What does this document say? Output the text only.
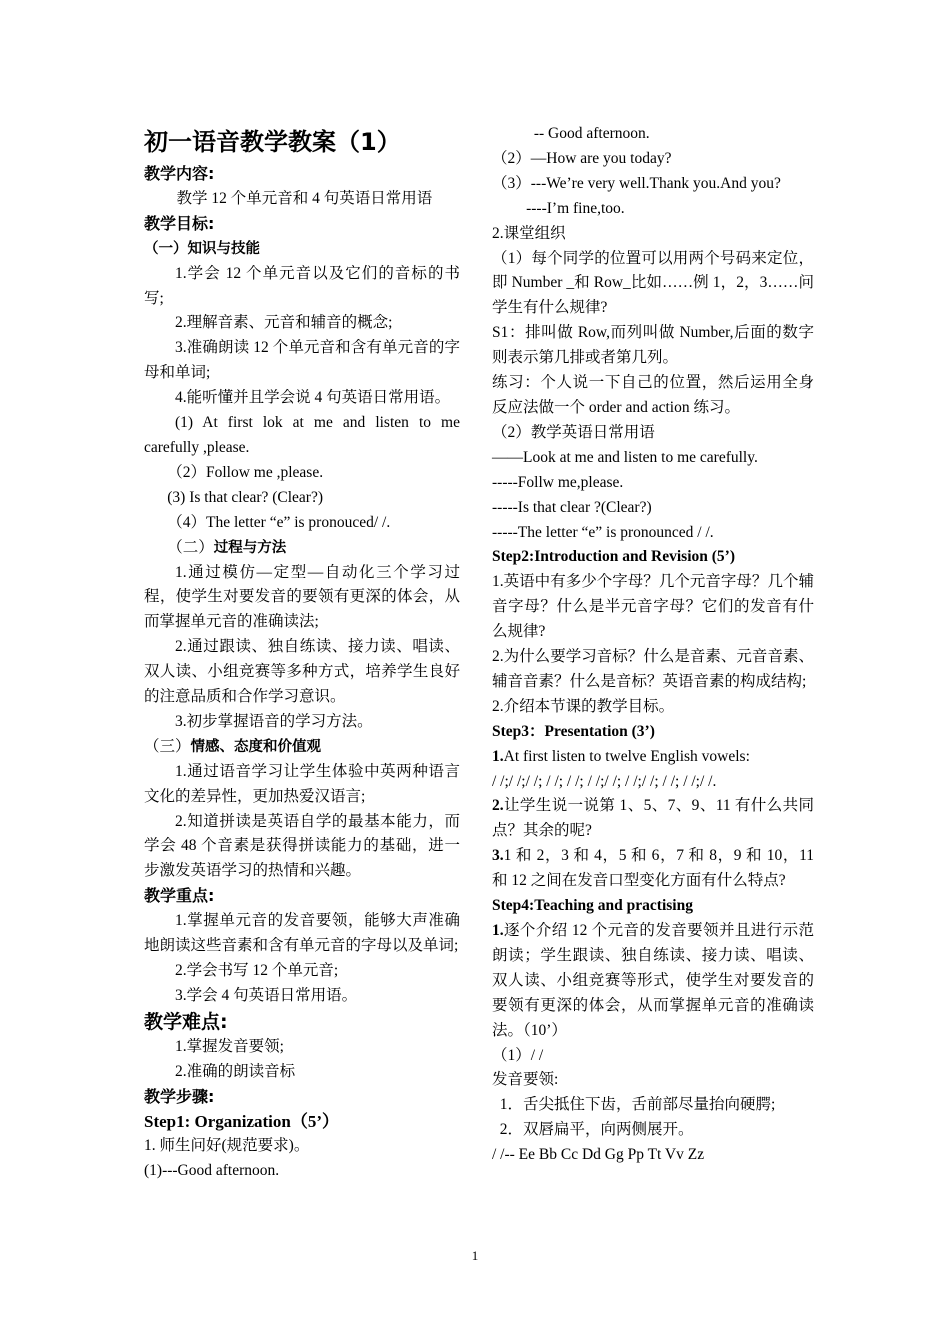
初一语音教学教案（1）

教学内容:

教学 12 个单元音和 4 句英语日常用语

教学目标:

（一）知识与技能

1.学会 12 个单元音以及它们的音标的书写;

2.理解音素、元音和辅音的概念;

3.准确朗读 12 个单元音和含有单元音的字母和单词;

4.能听懂并且学会说 4 句英语日常用语。

(1) At first lok at me and listen to me carefully ,please.

（2）Follow me ,please.

(3) Is that clear? (Clear?)

（4）The letter “e” is pronouced/ /.

（二）过程与方法

1.通过模仿—定型—自动化三个学习过程，使学生对要发音的要领有更深的体会，从而掌握单元音的准确读法;

2.通过跟读、独自练读、接力读、唱读、双人读、小组竞赛等多种方式，培养学生良好的注意品质和合作学习意识。

3.初步掌握语音的学习方法。

（三）情感、态度和价值观

1.通过语音学习让学生体验中英两种语言文化的差异性，更加热爱汉语言;

2.知道拼读是英语自学的最基本能力，而学会 48 个音素是获得拼读能力的基础，进一步激发英语学习的热情和兴趣。

教学重点:

1.掌握单元音的发音要领，能够大声准确地朗读这些音素和含有单元音的字母以及单词;

2.学会书写 12 个单元音;

3.学会 4 句英语日常用语。

教学难点:

1.掌握发音要领;

2.准确的朗读音标

教学步骤:

Step1: Organization（5’）

1. 师生问好(规范要求)。

(1)---Good afternoon.

-- Good afternoon.

（2）—How are you today?

（3）---We’re very well.Thank you.And you?

----I’m fine,too.

2.课堂组织

（1）每个同学的位置可以用两个号码来定位，即 Number _和 Row_比如……例 1，2，3……问学生有什么规律?

S1：排叫做 Row,而列叫做 Number,后面的数字则表示第几排或者第几列。

练习：个人说一下自己的位置，然后运用全身反应法做一个 order and action 练习。

（2）教学英语日常用语

——Look at me and listen to me carefully.

-----Follw me,please.

-----Is that clear ?(Clear?)

-----The letter “e” is pronounced / /.

Step2:Introduction and Revision (5’)

1.英语中有多少个字母？几个元音字母？几个辅音字母？什么是半元音字母？它们的发音有什么规律?

2.为什么要学习音标？什么是音素、元音音素、辅音音素？什么是音标？英语音素的构成结构;

2.介绍本节课的教学目标。

Step3：Presentation (3’)

1.At first listen to twelve English vowels:

/ /;/ /;/ /; / /; / /; / /;/ /; / /;/ /; / /; / /;/ /.

2.让学生说一说第 1、5、7、9、11 有什么共同点？其余的呢?

3.1 和 2，3 和 4，5 和 6，7 和 8，9 和 10，11 和 12 之间在发音口型变化方面有什么特点?

Step4:Teaching and practising

1.逐个介绍 12 个元音的发音要领并且进行示范朗读；学生跟读、独自练读、接力读、唱读、双人读、小组竞赛等形式，使学生对要发音的要领有更深的体会，从而掌握单元音的准确读法。（10’）

（1）/ /

发音要领:

1．舌尖抵住下齿，舌前部尽量抬向硬腭;

2．双唇扁平，向两侧展开。

/ /-- Ee Bb Cc Dd Gg Pp Tt Vv Zz

1
